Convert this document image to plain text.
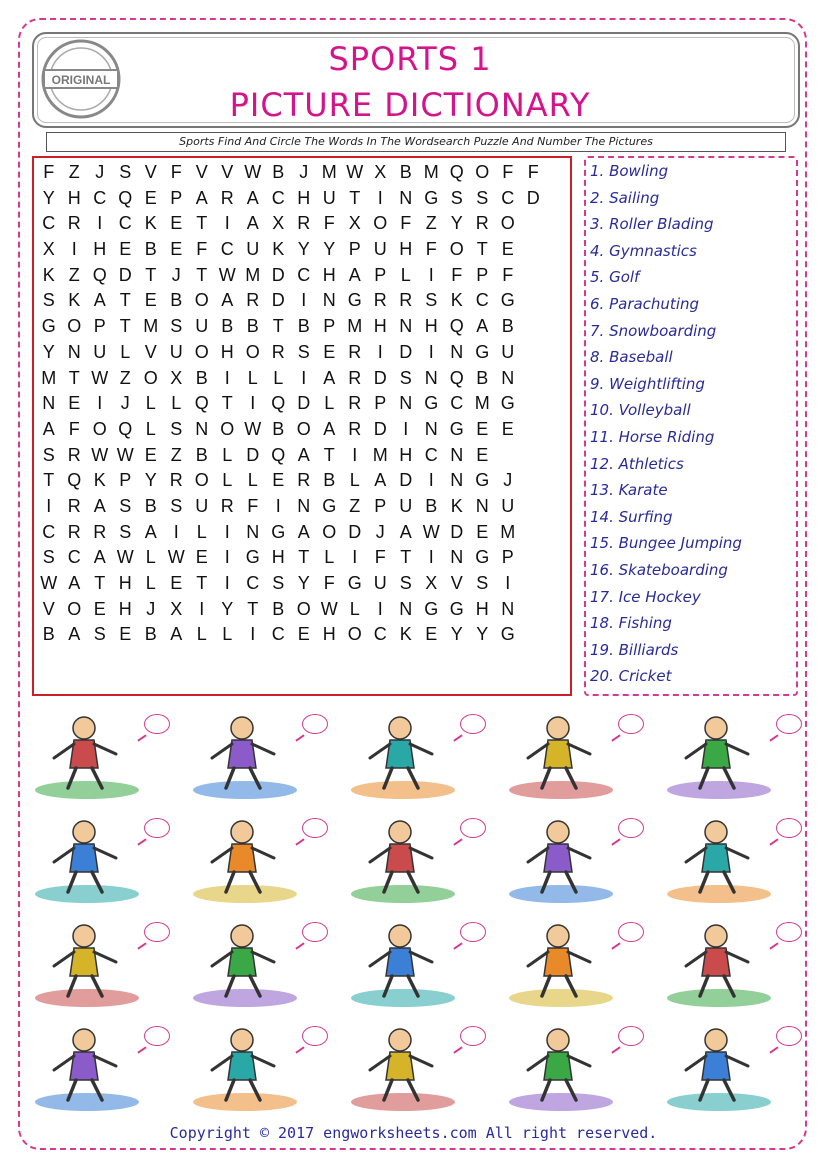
ORIGINAL
SPORTS 1
PICTURE DICTIONARY
Sports Find And Circle The Words In The Wordsearch Puzzle And Number The Pictures
F Z J S V F V V W B J M W X B M Q O F F
Y H C Q E P A R A C H U T I N G S S C D
C R I C K E T I A X R F X O F Z Y R O
X I H E B E F C U K Y Y P U H F O T E
K Z Q D T J T W M D C H A P L I F P F
S K A T E B O A R D I N G R R S K C G
G O P T M S U B B T B P M H N H Q A B
Y N U L V U O H O R S E R I D I N G U
M T W Z O X B I L L I A R D S N Q B N
N E I	J L L Q T I Q D L R P N G C M G
A F O Q L S N O W B O A R D I N G E E
S R W W E Z B L D Q A T I M H C N E
T Q K P Y R O L L E R B L A D I N G J
I R A S B S U R F I N G Z P U B K N U
C R R S A I L I N G A O D J A W D E M
S C A W L W E I G H T L I F T I N G P
W A T H L E T I C S Y F G U S X V S I
V O E H J X I Y T B O W L I N G G H N
B A S E B A L L I C E H O C K E Y Y G
1. Bowling
2. Sailing
3. Roller Blading
4. Gymnastics
5. Golf
6. Parachuting
7. Snowboarding
8. Baseball
9. Weightlifting
10. Volleyball
11. Horse Riding
12. Athletics
13. Karate
14. Surfing
15. Bungee Jumping
16. Skateboarding
17. Ice Hockey
18. Fishing
19. Billiards
20. Cricket
Copyright © 2017 engworksheets.com All right reserved.
